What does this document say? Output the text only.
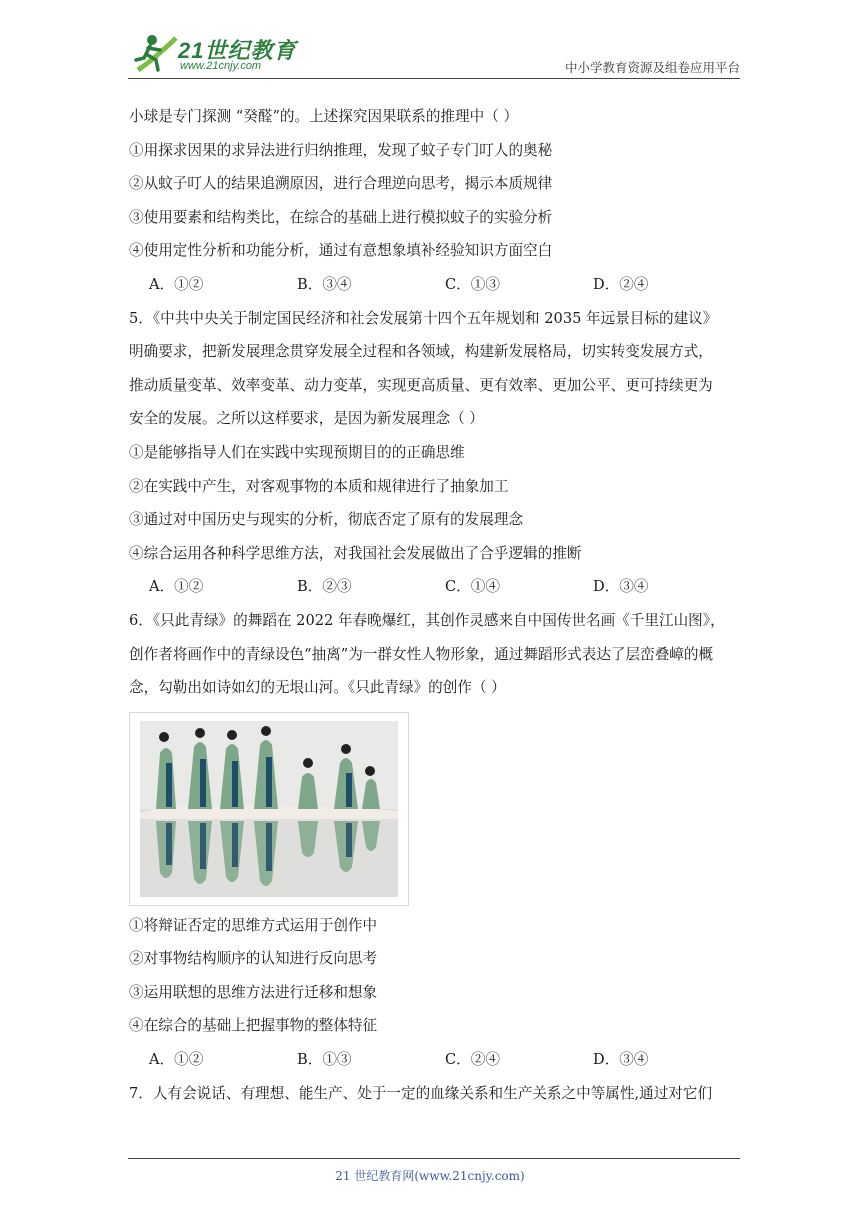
21世纪教育
www.21cnjy.com	中小学教育资源及组卷应用平台

小球是专门探测 “癸醛”的。上述探究因果联系的推理中（ ）

①用探求因果的求异法进行归纳推理，发现了蚊子专门叮人的奥秘

②从蚊子叮人的结果追溯原因，进行合理逆向思考，揭示本质规律

③使用要素和结构类比，在综合的基础上进行模拟蚊子的实验分析

④使用定性分析和功能分析，通过有意想象填补经验知识方面空白

A．①②	B．③④	C．①③	D．②④

5．《中共中央关于制定国民经济和社会发展第十四个五年规划和 2035 年远景目标的建议》

明确要求，把新发展理念贯穿发展全过程和各领域，构建新发展格局，切实转变发展方式，

推动质量变革、效率变革、动力变革，实现更高质量、更有效率、更加公平、更可持续更为

安全的发展。之所以这样要求，是因为新发展理念（ ）

①是能够指导人们在实践中实现预期目的的正确思维

②在实践中产生，对客观事物的本质和规律进行了抽象加工

③通过对中国历史与现实的分析，彻底否定了原有的发展理念

④综合运用各种科学思维方法，对我国社会发展做出了合乎逻辑的推断

A．①②	B．②③	C．①④	D．③④

6．《只此青绿》的舞蹈在 2022 年春晚爆红，其创作灵感来自中国传世名画《千里江山图》，

创作者将画作中的青绿设色“抽离”为一群女性人物形象，通过舞蹈形式表达了层峦叠嶂的概

念，勾勒出如诗如幻的无垠山河。《只此青绿》的创作（ ）

①将辩证否定的思维方式运用于创作中

②对事物结构顺序的认知进行反向思考

③运用联想的思维方法进行迁移和想象

④在综合的基础上把握事物的整体特征

A．①②	B．①③	C．②④	D．③④

7．人有会说话、有理想、能生产、处于一定的血缘关系和生产关系之中等属性,通过对它们

21 世纪教育网(www.21cnjy.com)
